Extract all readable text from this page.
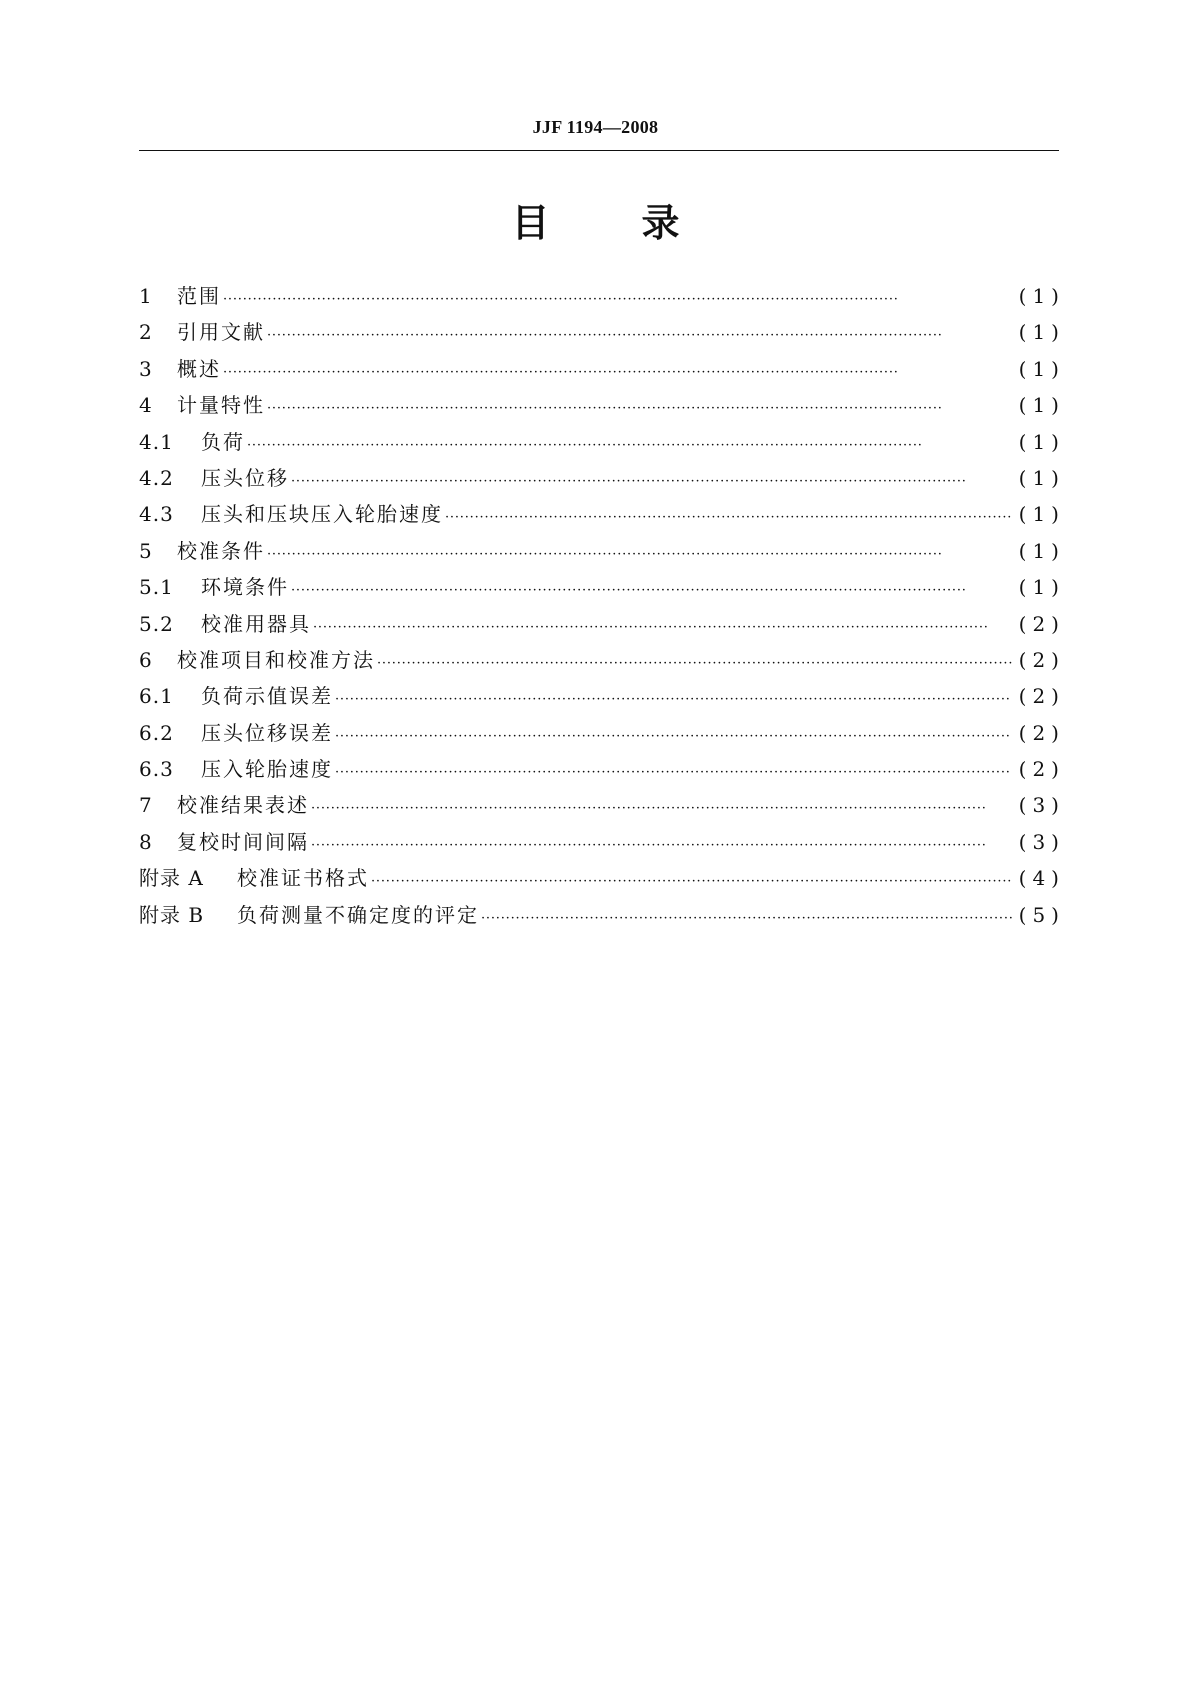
JJF 1194—2008
目 录
1	范围 ·····	(1)
2	引用文献 ·····	(1)
3	概述 ·····	(1)
4	计量特性 ·····	(1)
4.1	负荷 ·····	(1)
4.2	压头位移 ·····	(1)
4.3	压头和压块压入轮胎速度 ·····	(1)
5	校准条件 ·····	(1)
5.1	环境条件 ·····	(1)
5.2	校准用器具 ·····	(2)
6	校准项目和校准方法 ·····	(2)
6.1	负荷示值误差 ·····	(2)
6.2	压头位移误差 ·····	(2)
6.3	压入轮胎速度 ·····	(2)
7	校准结果表述 ·····	(3)
8	复校时间间隔 ·····	(3)
附录 A	校准证书格式 ·····	(4)
附录 B	负荷测量不确定度的评定 ·····	(5)
